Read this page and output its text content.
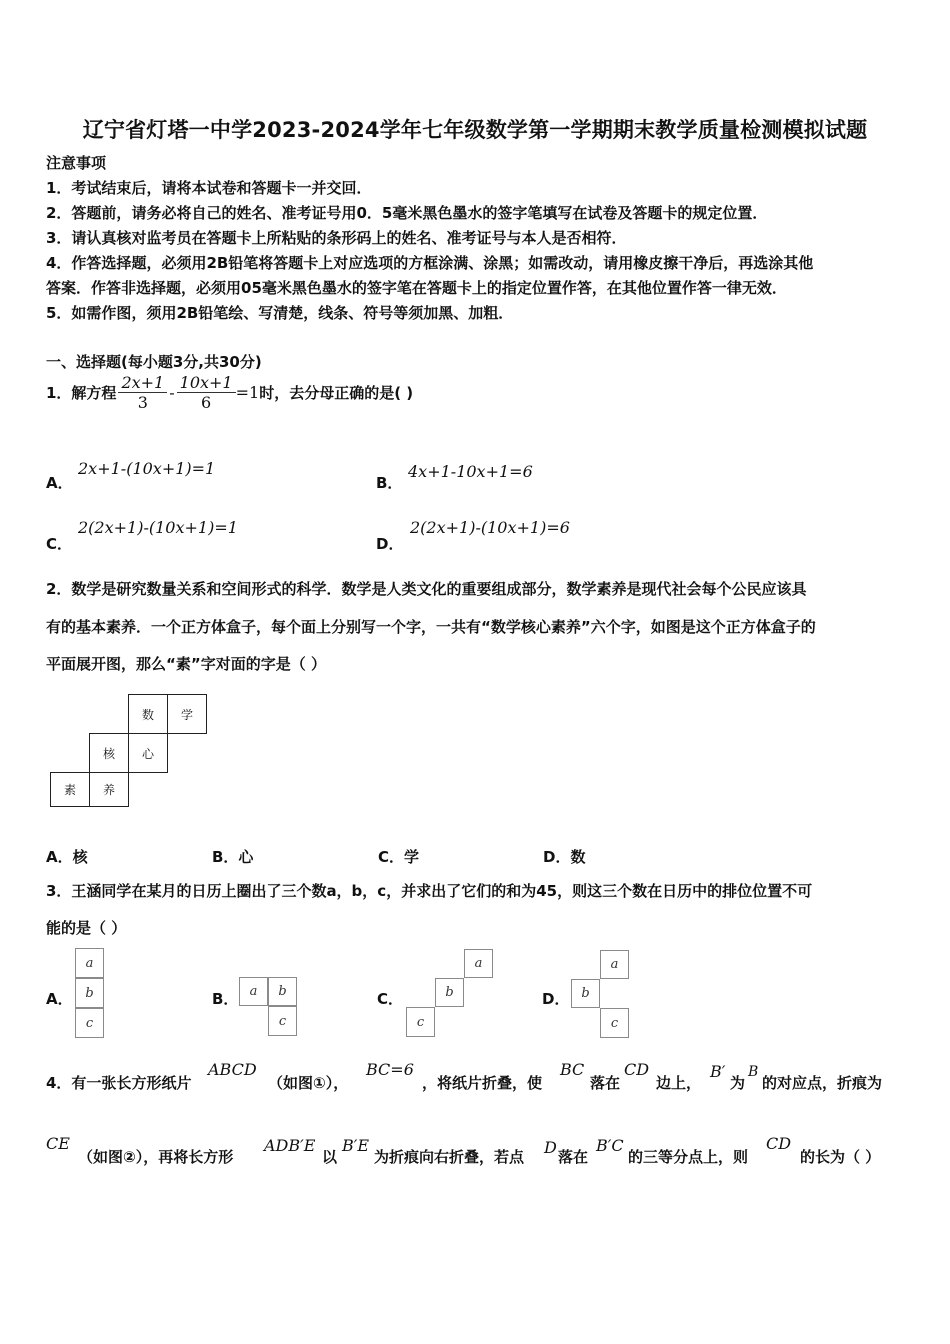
辽宁省灯塔一中学2023-2024学年七年级数学第一学期期末教学质量检测模拟试题
注意事项
1．考试结束后，请将本试卷和答题卡一并交回．
2．答题前，请务必将自己的姓名、准考证号用0．5毫米黑色墨水的签字笔填写在试卷及答题卡的规定位置．
3．请认真核对监考员在答题卡上所粘贴的条形码上的姓名、准考证号与本人是否相符．
4．作答选择题，必须用2B铅笔将答题卡上对应选项的方框涂满、涂黑；如需改动，请用橡皮擦干净后，再选涂其他
答案．作答非选择题，必须用05毫米黑色墨水的签字笔在答题卡上的指定位置作答，在其他位置作答一律无效．
5．如需作图，须用2B铅笔绘、写清楚，线条、符号等须加黑、加粗．
一、选择题(每小题3分,共30分)
1．解方程 $\frac{2x+1}{3} - \frac{10x+1}{6} =1$ 时，去分母正确的是( )
A．
2x+1-(10x+1)=1
B．
4x+1-10x+1=6
C．
2(2x+1)-(10x+1)=1
D．
2(2x+1)-(10x+1)=6
2．数学是研究数量关系和空间形式的科学．数学是人类文化的重要组成部分，数学素养是现代社会每个公民应该具
有的基本素养．一个正方体盒子，每个面上分别写一个字，一共有“数学核心素养”六个字，如图是这个正方体盒子的
平面展开图，那么“素”字对面的字是（ ）
数	学
核	心
素	养
A．核	B．心	C．学	D．数
3．王涵同学在某月的日历上圈出了三个数a，b，c，并求出了它们的和为45，则这三个数在日历中的排位位置不可
能的是（ ）
A．
a
b
c
B． a	b
c
C．
a
b
c
D．
a
b
c
4．有一张长方形纸片
ABCD
（如图①），
BC=6
，将纸片折叠，使
BC
落在
CD
边上，
B′
为
B
的对应点，折痕为
CE
（如图②），再将长方形
ADB′E
以
B′E
为折痕向右折叠，若点 D 落在
B′C
的三等分点上，则
CD
的长为（ ）
